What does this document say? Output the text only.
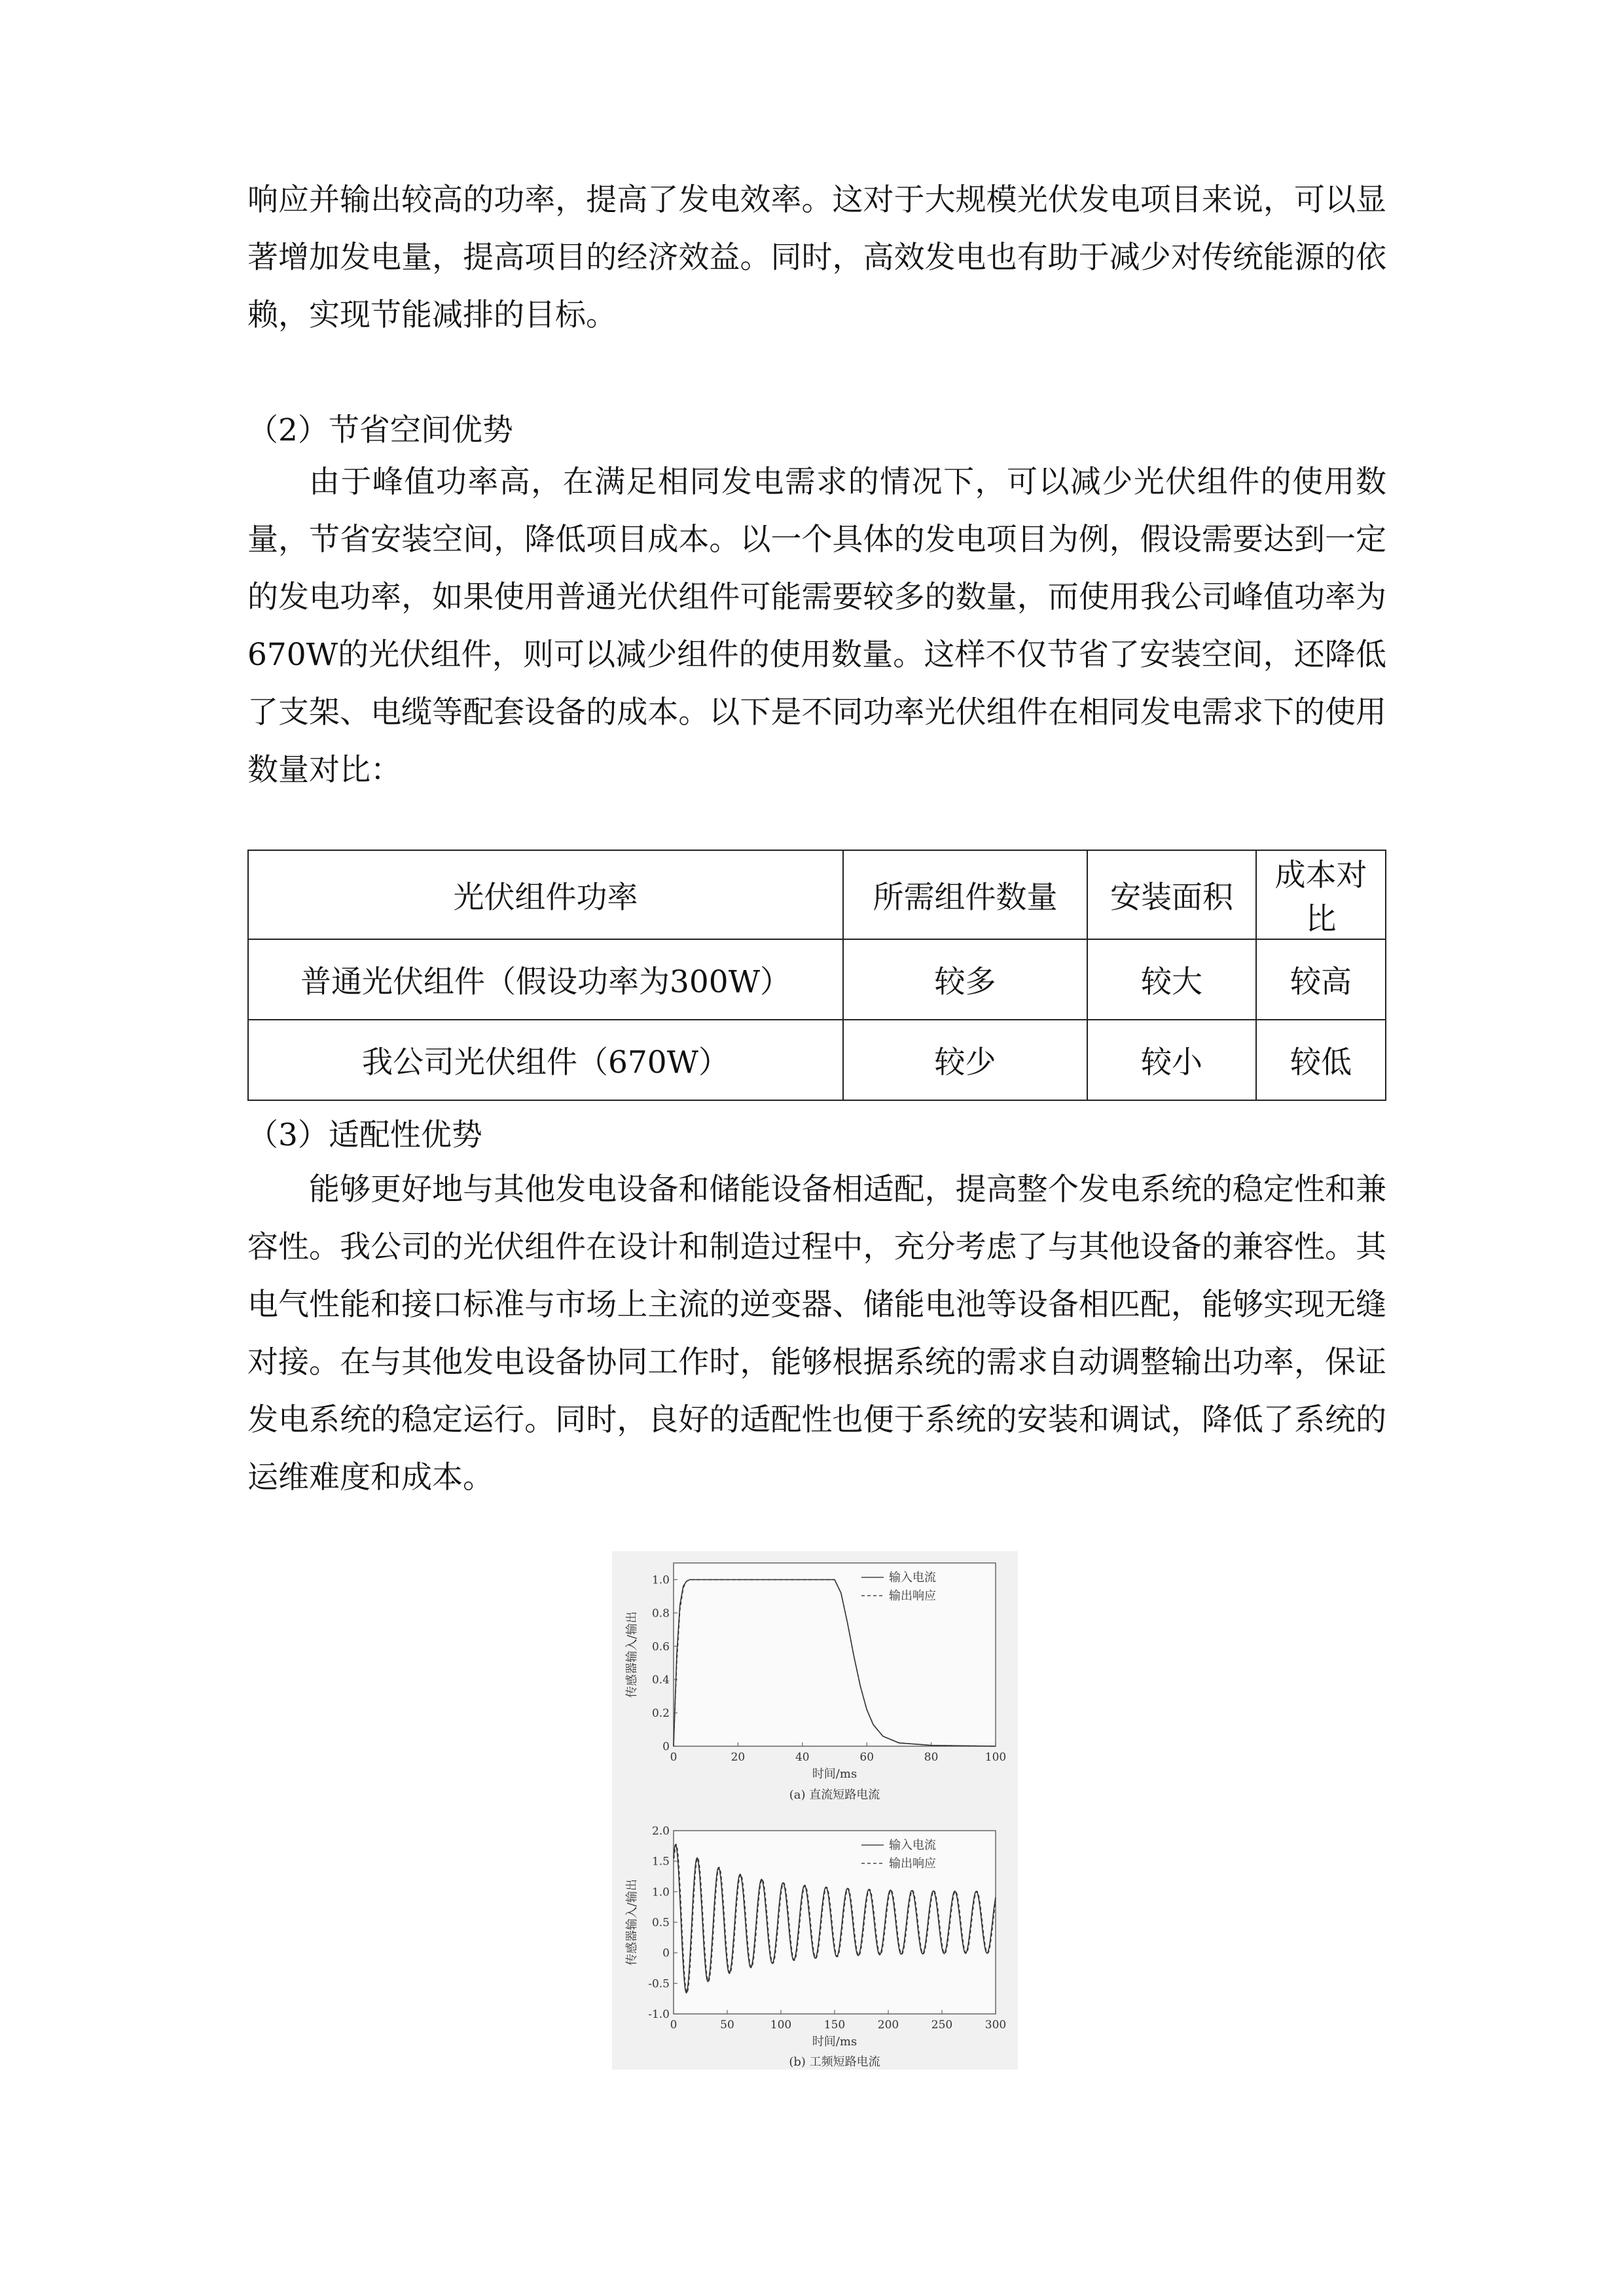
响应并输出较高的功率，提高了发电效率。这对于大规模光伏发电项目来说，可以显著增加发电量，提高项目的经济效益。同时，高效发电也有助于减少对传统能源的依赖，实现节能减排的目标。

（2）节省空间优势

由于峰值功率高，在满足相同发电需求的情况下，可以减少光伏组件的使用数量，节省安装空间，降低项目成本。以一个具体的发电项目为例，假设需要达到一定的发电功率，如果使用普通光伏组件可能需要较多的数量，而使用我公司峰值功率为670W的光伏组件，则可以减少组件的使用数量。这样不仅节省了安装空间，还降低了支架、电缆等配套设备的成本。以下是不同功率光伏组件在相同发电需求下的使用数量对比：

光伏组件功率	所需组件数量	安装面积	成本对比
普通光伏组件（假设功率为300W）	较多	较大	较高
我公司光伏组件（670W）	较少	较小	较低

（3）适配性优势

能够更好地与其他发电设备和储能设备相适配，提高整个发电系统的稳定性和兼容性。我公司的光伏组件在设计和制造过程中，充分考虑了与其他设备的兼容性。其电气性能和接口标准与市场上主流的逆变器、储能电池等设备相匹配，能够实现无缝对接。在与其他发电设备协同工作时，能够根据系统的需求自动调整输出功率，保证发电系统的稳定运行。同时，良好的适配性也便于系统的安装和调试，降低了系统的运维难度和成本。

0	20	40	60	80	100
0
0.2
0.4
0.6
0.8
1.0
时间/ms
传感器输入/输出
(a) 直流短路电流
输入电流
输出响应
0	50	100	150	200	250	300
-1.0
-0.5
0
0.5
1.0
1.5
2.0
时间/ms
传感器输入/输出
(b) 工频短路电流
输入电流
输出响应
